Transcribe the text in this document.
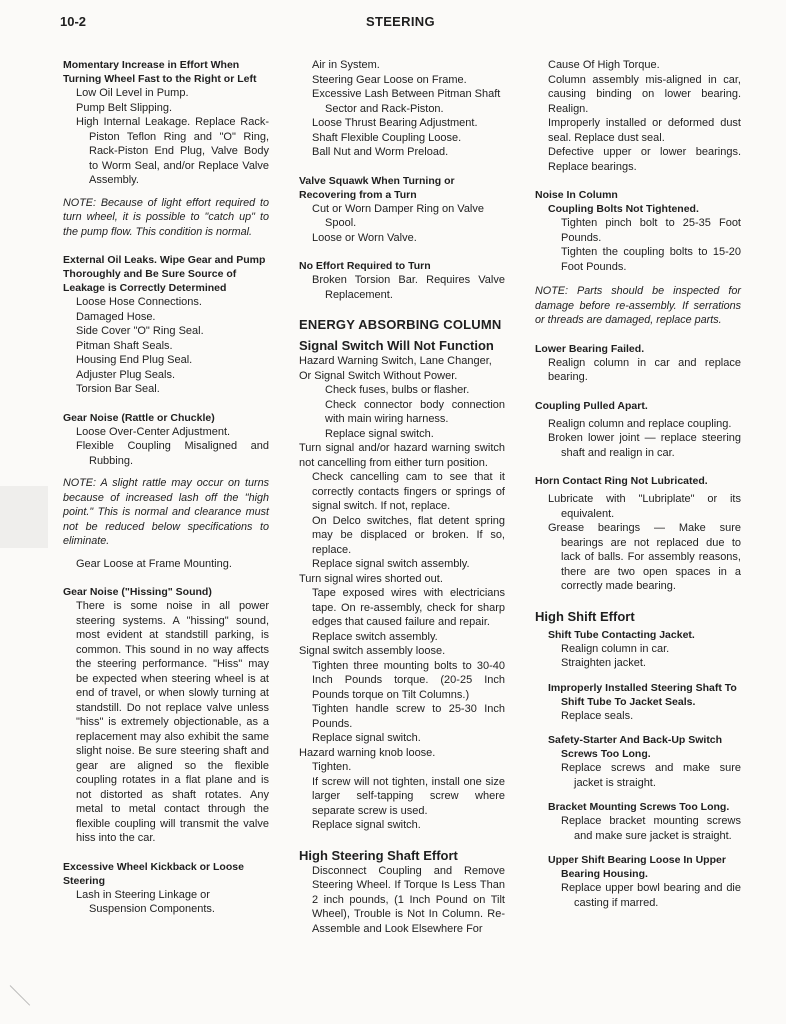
10-2	STEERING
Momentary Increase in Effort When Turning Wheel Fast to the Right or Left
Low Oil Level in Pump.
Pump Belt Slipping.
High Internal Leakage. Replace Rack-Piston Teflon Ring and "O" Ring, Rack-Piston End Plug, Valve Body to Worm Seal, and/or Replace Valve Assembly.
NOTE: Because of light effort required to turn wheel, it is possible to "catch up" to the pump flow. This condition is normal.
External Oil Leaks. Wipe Gear and Pump Thoroughly and Be Sure Source of Leakage is Correctly Determined
Loose Hose Connections.
Damaged Hose.
Side Cover "O" Ring Seal.
Pitman Shaft Seals.
Housing End Plug Seal.
Adjuster Plug Seals.
Torsion Bar Seal.
Gear Noise (Rattle or Chuckle)
Loose Over-Center Adjustment.
Flexible Coupling Misaligned and Rubbing.
NOTE: A slight rattle may occur on turns because of increased lash off the "high point." This is normal and clearance must not be reduced below specifications to eliminate.
Gear Loose at Frame Mounting.
Gear Noise ("Hissing" Sound)
There is some noise in all power steering systems. A "hissing" sound, most evident at standstill parking, is common. This sound in no way affects the steering performance. "Hiss" may be expected when steering wheel is at end of travel, or when slowly turning at standstill. Do not replace valve unless "hiss" is extremely objectionable, as a replacement may also exhibit the same slight noise. Be sure steering shaft and gear are aligned so the flexible coupling rotates in a flat plane and is not distorted as shaft rotates. Any metal to metal contact through the flexible coupling will transmit the valve hiss into the car.
Excessive Wheel Kickback or Loose Steering
Lash in Steering Linkage or Suspension Components.
Air in System.
Steering Gear Loose on Frame.
Excessive Lash Between Pitman Shaft Sector and Rack-Piston.
Loose Thrust Bearing Adjustment.
Shaft Flexible Coupling Loose.
Ball Nut and Worm Preload.
Valve Squawk When Turning or Recovering from a Turn
Cut or Worn Damper Ring on Valve Spool.
Loose or Worn Valve.
No Effort Required to Turn
Broken Torsion Bar. Requires Valve Replacement.
ENERGY ABSORBING COLUMN
Signal Switch Will Not Function
Hazard Warning Switch, Lane Changer,
Or Signal Switch Without Power.
Check fuses, bulbs or flasher.
Check connector body connection with main wiring harness.
Replace signal switch.
Turn signal and/or hazard warning switch not cancelling from either turn position.
Check cancelling cam to see that it correctly contacts fingers or springs of signal switch. If not, replace.
On Delco switches, flat detent spring may be displaced or broken. If so, replace.
Replace signal switch assembly.
Turn signal wires shorted out.
Tape exposed wires with electricians tape. On re-assembly, check for sharp edges that caused failure and repair.
Replace switch assembly.
Signal switch assembly loose.
Tighten three mounting bolts to 30-40 Inch Pounds torque. (20-25 Inch Pounds torque on Tilt Columns.)
Tighten handle screw to 25-30 Inch Pounds.
Replace signal switch.
Hazard warning knob loose.
Tighten.
If screw will not tighten, install one size larger self-tapping screw where separate screw is used.
Replace signal switch.
High Steering Shaft Effort
Disconnect Coupling and Remove Steering Wheel. If Torque Is Less Than 2 inch pounds, (1 Inch Pound on Tilt Wheel), Trouble is Not In Column. Re-Assemble and Look Elsewhere For
Cause Of High Torque.
Column assembly mis-aligned in car, causing binding on lower bearing. Realign.
Improperly installed or deformed dust seal. Replace dust seal.
Defective upper or lower bearings. Replace bearings.
Noise In Column
Coupling Bolts Not Tightened.
Tighten pinch bolt to 25-35 Foot Pounds.
Tighten the coupling bolts to 15-20 Foot Pounds.
NOTE: Parts should be inspected for damage before re-assembly. If serrations or threads are damaged, replace parts.
Lower Bearing Failed.
Realign column in car and replace bearing.
Coupling Pulled Apart.
Realign column and replace coupling.
Broken lower joint — replace steering shaft and realign in car.
Horn Contact Ring Not Lubricated.
Lubricate with "Lubriplate" or its equivalent.
Grease bearings — Make sure bearings are not replaced due to lack of balls. For assembly reasons, there are two open spaces in a correctly made bearing.
High Shift Effort
Shift Tube Contacting Jacket.
Realign column in car.
Straighten jacket.
Improperly Installed Steering Shaft To Shift Tube To Jacket Seals.
Replace seals.
Safety-Starter And Back-Up Switch Screws Too Long.
Replace screws and make sure jacket is straight.
Bracket Mounting Screws Too Long.
Replace bracket mounting screws and make sure jacket is straight.
Upper Shift Bearing Loose In Upper Bearing Housing.
Replace upper bowl bearing and die casting if marred.
